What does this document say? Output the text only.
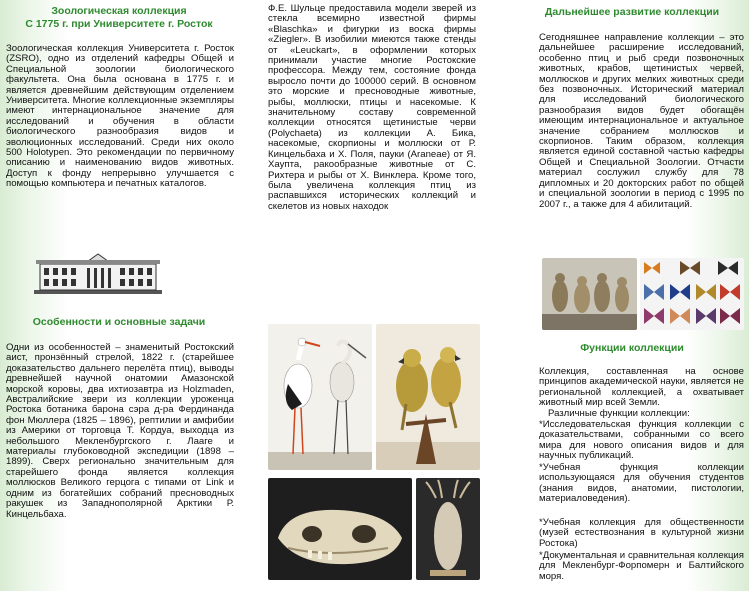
Зоологическая коллекция
С 1775 г. при Университете г. Росток

Зоологическая коллекция Университета г. Росток (ZSRO), одно из отделений кафедры Общей и Специальной зоологии биологического факультета. Она была основана в 1775 г. и является древнейшим действующим отделением Университета. Многие коллекционные экземпляры имеют интернациональное значение для исследований и обучения в области биологического разнообразия видов и эволюционных исследований. Среди них около 500 Holotypen. Это рекомендации по первичному описанию и наименованию видов животных. Доступ к фонду непрерывно улучшается с помощью компьютера и печатных каталогов.

Особенности и основные задачи

Одни из особенностей – знаменитый Ростокский аист, пронзённый стрелой, 1822 г. (старейшее доказательство дальнего перелёта птиц), выводы древнейшей научной онатомии Амазонской морской коровы, два ихтиозавтра из Holzmaden, Австралийские звери из коллекции уроженца Ростока ботаника барона сэра д-ра Фердинанда фон Мюллера (1825 – 1896), рептилии и амфибии из Америки от торговца Т. Кордуа, выходца из небольшого Мекленбургского г. Лааге и материалы глубоководной экспедиции (1898 – 1899). Сверх регионально значительным для старейшего фонда является коллекция моллюсков Великого герцога с типами от Link и одним из богатейших собраний пресноводных ракушек из Западнополярной Арктики Р. Кинцельбаха.

Ф.Е. Шульце предоставила модели зверей из стекла всемирно известной фирмы «Blaschka» и фигурки из воска фирмы «Ziegler». В изобилии миеются также стенды от «Leuckart», в оформлении которых принимали участие многие Ростокские профессора. Между тем, состояние фонда выросло почти до 100000 серий. В основном это морские и пресноводные животные, рыбы, моллюски, птицы и насекомые. К значительному составу современной коллекции относятся щетинистые черви (Polychaeta) из коллекции А. Бика, насекомые, скорпионы и моллюски от Р. Кинцельбаха и Х. Поля, пауки (Araneae) от Я. Хаупта, ракообразные животные от С. Рихтера и рыбы от Х. Винклера. Кроме того, была увеличена коллекция птиц из распавшихся исторических коллекций и скелетов из новых находок

Дальнейшее развитие коллекции

Сегодняшнее направление коллекции – это дальнейшее расширение исследований, особенно птиц и рыб среди позвоночных животных, крабов, щетинистых червей, моллюсков и других мелких животных среди без позвоночных. Исторический материал для исследований биологического разнообразия видов будет обогащён имеющим интернациональное и актуальное значение собранием моллюсков и скорпионов. Таким образом, коллекция является единой составной частью кафедры Общей и Специальной Зоологии. Отчасти материал сослужил службу для 78 дипломных и 20 докторских работ по общей и специальной зоологии в период с 1995 по 2007 г., а также для 4 абилитаций.

Функции коллекции

Коллекция, составленная на основе принципов академической науки, является не региональной коллекцией, а охватывает животный мир всей Земли.

Различные функции коллекции:

*Исследовательская функция коллекции с доказательствами, собранными со всего мира для нового описания видов и для научных публикаций.

*Учебная функция коллекции использующаяся для обучения студентов (знания видов, анатомии, пистологии, материаловедения).

*Учебная коллекция для общественности (музей естествознания в культурной жизни Ростока)

*Документальная и сравнительная коллекция для Мекленбург-Форпомерн и Балтийского моря.
